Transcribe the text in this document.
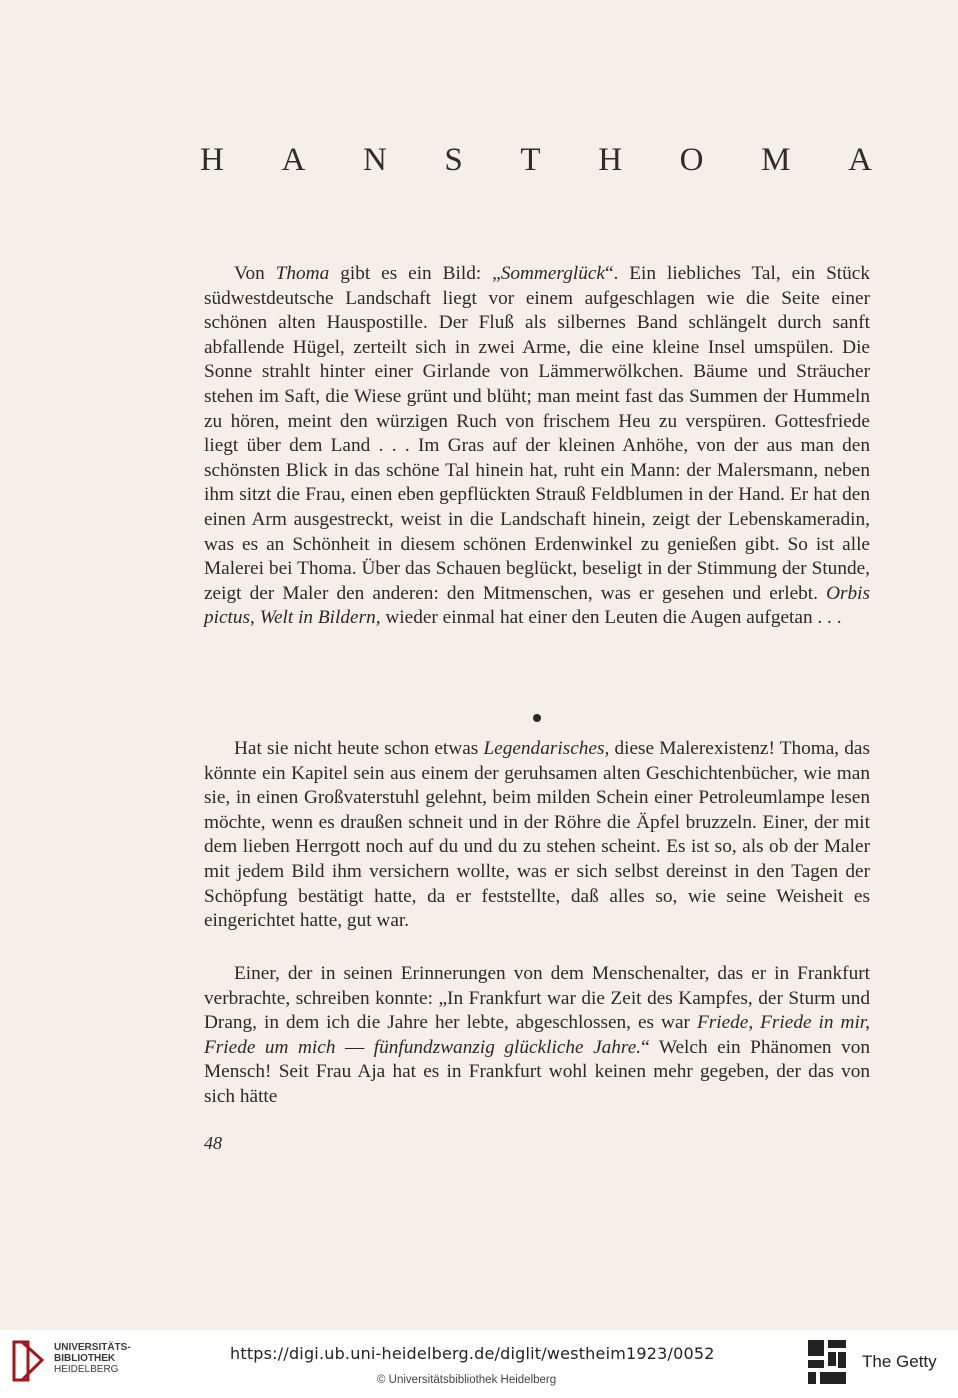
H A N S T H O M A

Von Thoma gibt es ein Bild: „Sommerglück“. Ein liebliches Tal, ein Stück südwestdeutsche Landschaft liegt vor einem aufgeschlagen wie die Seite einer schönen alten Hauspostille. Der Fluß als silbernes Band schlängelt durch sanft abfallende Hügel, zerteilt sich in zwei Arme, die eine kleine Insel umspülen. Die Sonne strahlt hinter einer Girlande von Lämmerwölkchen. Bäume und Sträucher stehen im Saft, die Wiese grünt und blüht; man meint fast das Summen der Hummeln zu hören, meint den würzigen Ruch von frischem Heu zu verspüren. Gottesfriede liegt über dem Land . . . Im Gras auf der kleinen Anhöhe, von der aus man den schönsten Blick in das schöne Tal hinein hat, ruht ein Mann: der Malersmann, neben ihm sitzt die Frau, einen eben gepflückten Strauß Feldblumen in der Hand. Er hat den einen Arm ausgestreckt, weist in die Landschaft hinein, zeigt der Lebenskameradin, was es an Schönheit in diesem schönen Erdenwinkel zu genießen gibt. So ist alle Malerei bei Thoma. Über das Schauen beglückt, beseligt in der Stimmung der Stunde, zeigt der Maler den anderen: den Mitmenschen, was er gesehen und erlebt. Orbis pictus, Welt in Bildern, wieder einmal hat einer den Leuten die Augen aufgetan . . .

Hat sie nicht heute schon etwas Legendarisches, diese Malerexistenz! Thoma, das könnte ein Kapitel sein aus einem der geruhsamen alten Geschichtenbücher, wie man sie, in einen Großvaterstuhl gelehnt, beim milden Schein einer Petroleumlampe lesen möchte, wenn es draußen schneit und in der Röhre die Äpfel bruzzeln. Einer, der mit dem lieben Herrgott noch auf du und du zu stehen scheint. Es ist so, als ob der Maler mit jedem Bild ihm versichern wollte, was er sich selbst dereinst in den Tagen der Schöpfung bestätigt hatte, da er feststellte, daß alles so, wie seine Weisheit es eingerichtet hatte, gut war.

Einer, der in seinen Erinnerungen von dem Menschenalter, das er in Frankfurt verbrachte, schreiben konnte: „In Frankfurt war die Zeit des Kampfes, der Sturm und Drang, in dem ich die Jahre her lebte, abgeschlossen, es war Friede, Friede in mir, Friede um mich — fünfundzwanzig glückliche Jahre.“ Welch ein Phänomen von Mensch! Seit Frau Aja hat es in Frankfurt wohl keinen mehr gegeben, der das von sich hätte

48
UNIVERSITÄTS-
BIBLIOTHEK
HEIDELBERG
https://digi.ub.uni-heidelberg.de/diglit/westheim1923/0052
© Universitätsbibliothek Heidelberg
The Getty
